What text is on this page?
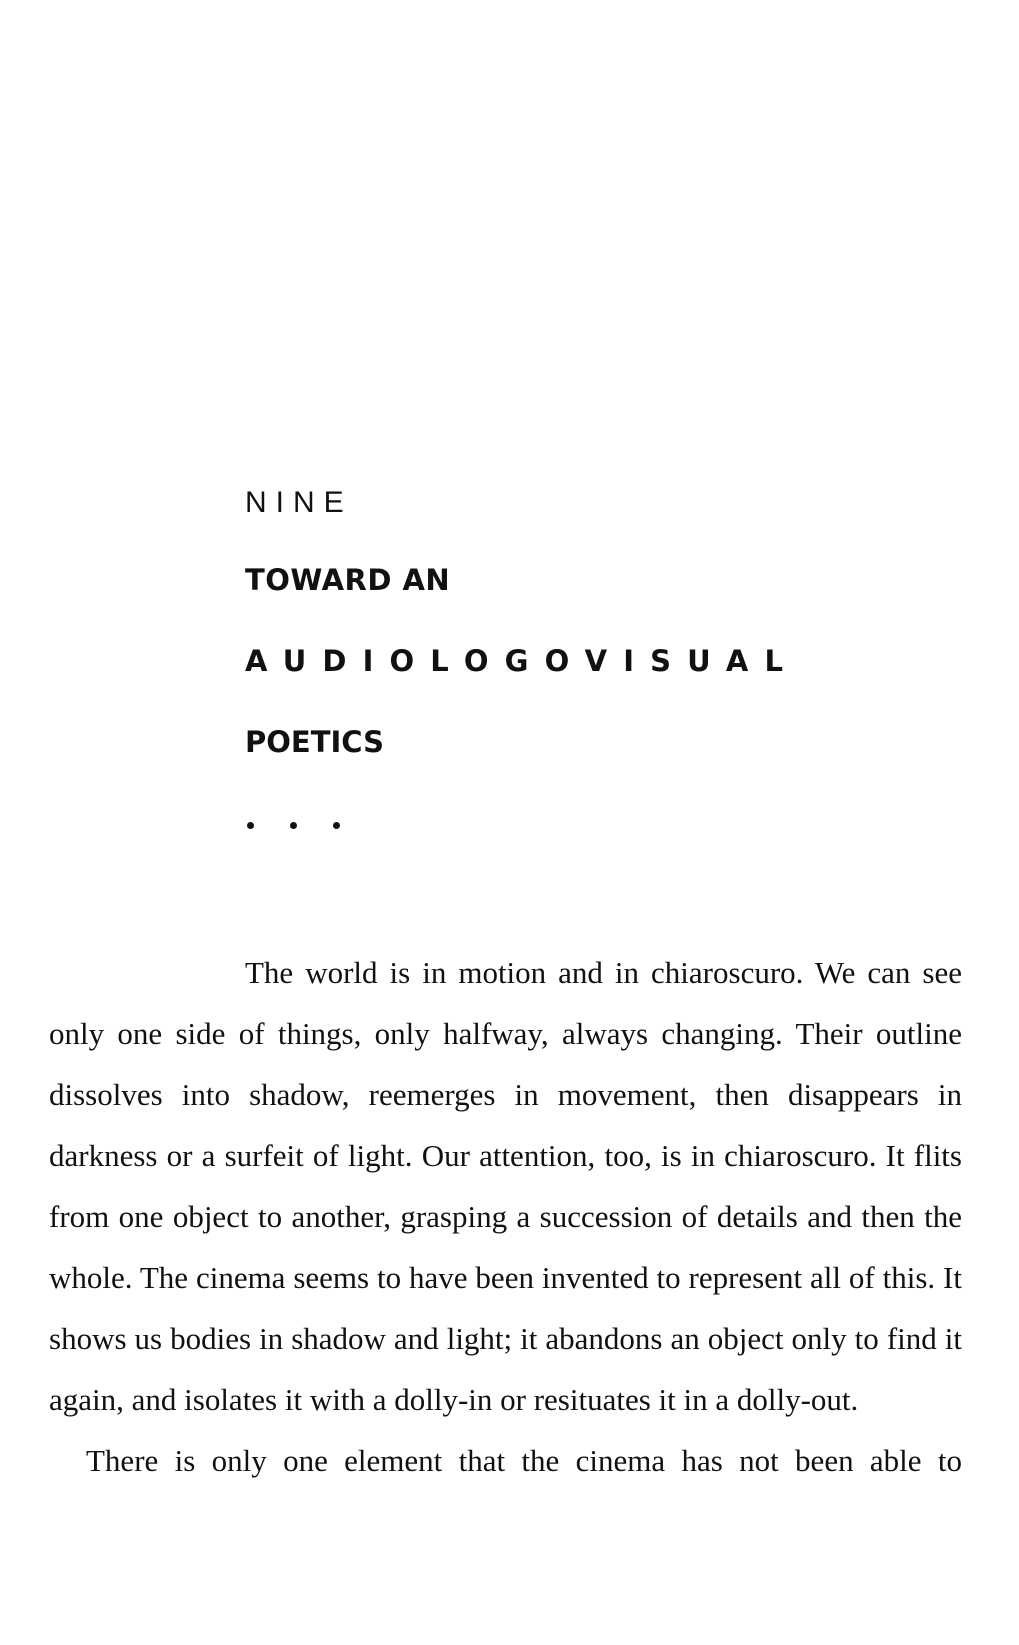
NINE
TOWARD AN
AUDIOLOGOVISUAL
POETICS

The world is in motion and in chiaroscuro. We can see only one side of things, only halfway, always changing. Their outline dissolves into shadow, reemerges in movement, then disappears in darkness or a surfeit of light. Our attention, too, is in chiaroscuro. It flits from one object to another, grasping a succession of details and then the whole. The cinema seems to have been invented to represent all of this. It shows us bodies in shadow and light; it abandons an object only to find it again, and isolates it with a dolly-in or resituates it in a dolly-out.

There is only one element that the cinema has not been able to
